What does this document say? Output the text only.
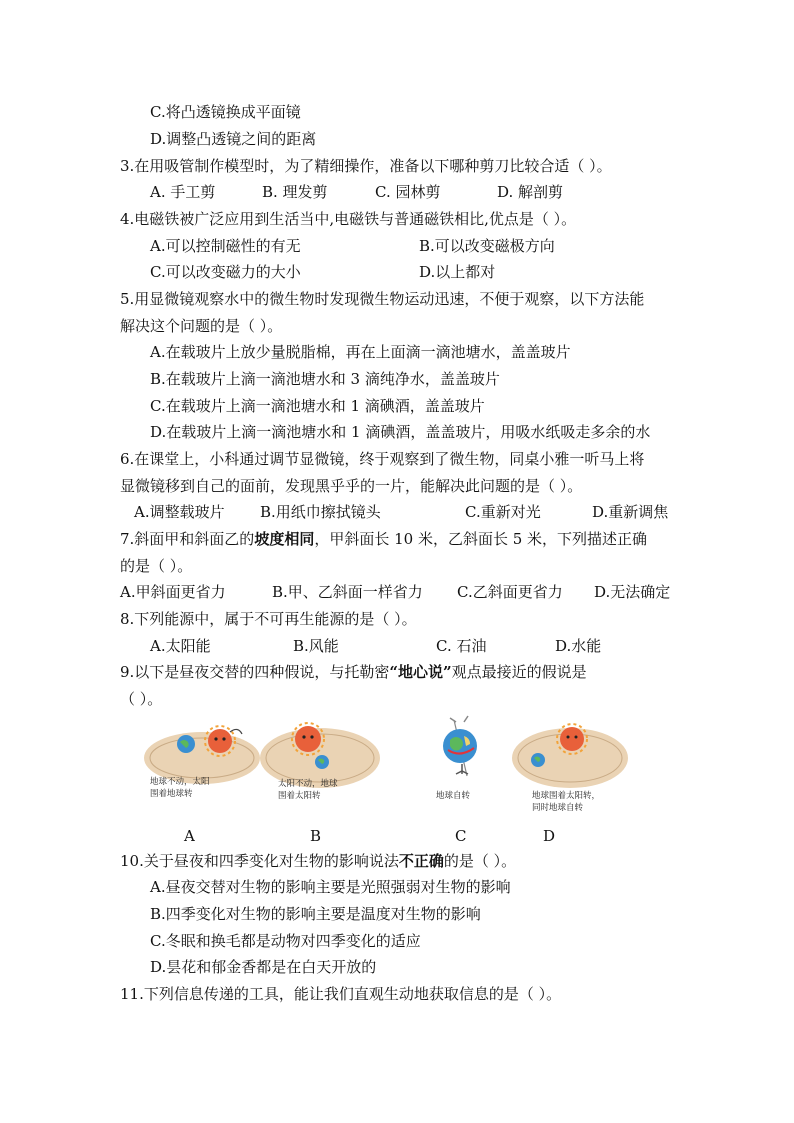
C.将凸透镜换成平面镜
D.调整凸透镜之间的距离
3.在用吸管制作模型时，为了精细操作，准备以下哪种剪刀比较合适（ ）。
A. 手工剪	B. 理发剪	C. 园林剪	D. 解剖剪
4.电磁铁被广泛应用到生活当中,电磁铁与普通磁铁相比,优点是（ ）。
A.可以控制磁性的有无	B.可以改变磁极方向
C.可以改变磁力的大小	D.以上都对
5.用显微镜观察水中的微生物时发现微生物运动迅速，不便于观察，以下方法能
解决这个问题的是（ ）。
A.在载玻片上放少量脱脂棉，再在上面滴一滴池塘水，盖盖玻片
B.在载玻片上滴一滴池塘水和 3 滴纯净水，盖盖玻片
C.在载玻片上滴一滴池塘水和 1 滴碘酒，盖盖玻片
D.在载玻片上滴一滴池塘水和 1 滴碘酒，盖盖玻片，用吸水纸吸走多余的水
6.在课堂上，小科通过调节显微镜，终于观察到了微生物，同桌小雅一听马上将
显微镜移到自己的面前，发现黑乎乎的一片，能解决此问题的是（ ）。
A.调整载玻片 B.用纸巾擦拭镜头	C.重新对光	D.重新调焦
7.斜面甲和斜面乙的坡度相同，甲斜面长 10 米，乙斜面长 5 米，下列描述正确
的是（ ）。
A.甲斜面更省力	B.甲、乙斜面一样省力 C.乙斜面更省力 D.无法确定
8.下列能源中，属于不可再生能源的是（ ）。
A.太阳能	B.风能	C. 石油	D.水能
9.以下是昼夜交替的四种假说，与托勒密“地心说”观点最接近的假说是
（ ）。
地球不动，太阳
围着地球转
太阳不动，地球
围着太阳转	地球自转	地球围着太阳转，
同时地球自转
A	B	C	D
10.关于昼夜和四季变化对生物的影响说法不正确的是（ ）。
A.昼夜交替对生物的影响主要是光照强弱对生物的影响
B.四季变化对生物的影响主要是温度对生物的影响
C.冬眠和换毛都是动物对四季变化的适应
D.昙花和郁金香都是在白天开放的
11.下列信息传递的工具，能让我们直观生动地获取信息的是（ ）。
